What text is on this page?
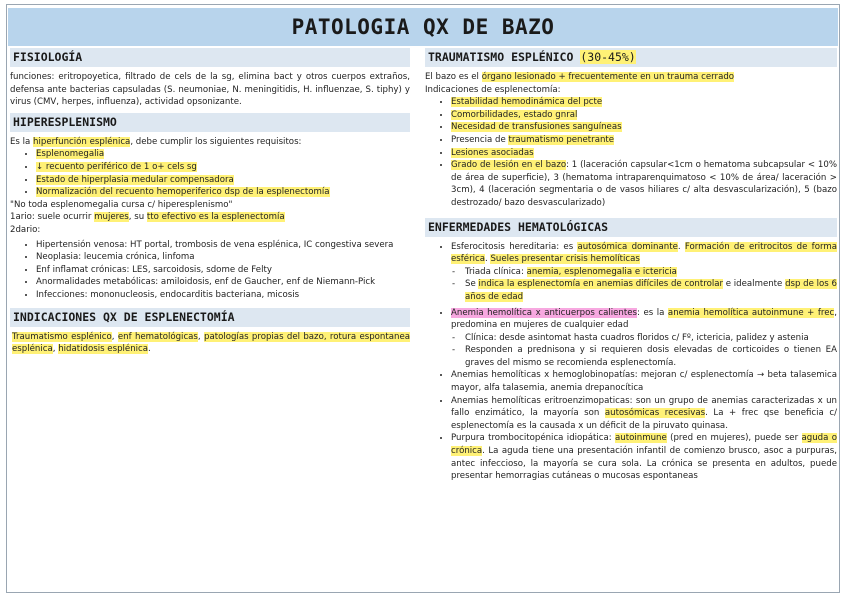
PATOLOGIA QX DE BAZO
FISIOLOGÍA

funciones: eritropoyetica, filtrado de cels de la sg, elimina bact y otros cuerpos extraños, defensa ante bacterias capsuladas (S. neumoniae, N. meningitidis, H. influenzae, S. tiphy) y virus (CMV, herpes, influenza), actividad opsonizante.

HIPERESPLENISMO
Es la hiperfunción esplénica, debe cumplir los siguientes requisitos:
• Esplenomegalia
• ↓ recuento periférico de 1 o+ cels sg
• Estado de hiperplasia medular compensadora
• Normalización del recuento hemoperiferico dsp de la esplenectomía
"No toda esplenomegalia cursa c/ hiperesplenismo"
1ario: suele ocurrir mujeres, su tto efectivo es la esplenectomía
2dario:
• Hipertensión venosa: HT portal, trombosis de vena esplénica, IC congestiva severa
• Neoplasia: leucemia crónica, linfoma
• Enf inflamat crónicas: LES, sarcoidosis, sdome de Felty
• Anormalidades metabólicas: amiloidosis, enf de Gaucher, enf de Niemann-Pick
• Infecciones: mononucleosis, endocarditis bacteriana, micosis
INDICACIONES QX DE ESPLENECTOMÍA

Traumatismo esplénico, enf hematológicas, patologías propias del bazo, rotura espontanea esplénica, hidatidosis esplénica.

TRAUMATISMO ESPLÉNICO (30-45%)
El bazo es el órgano lesionado + frecuentemente en un trauma cerrado
Indicaciones de esplenectomía:
• Estabilidad hemodinámica del pcte
• Comorbilidades, estado gnral
• Necesidad de transfusiones sanguíneas
• Presencia de traumatismo penetrante
• Lesiones asociadas
• Grado de lesión en el bazo: 1 (laceración capsular<1cm o hematoma subcapsular < 10% de área de superficie), 3 (hematoma intraparenquimatoso < 10% de área/ laceración > 3cm), 4 (laceración segmentaria o de vasos hiliares c/ alta desvascularización), 5 (bazo destrozado/ bazo desvascularizado)
ENFERMEDADES HEMATOLÓGICAS
• Esferocitosis hereditaria: es autosómica dominante. Formación de eritrocitos de forma esférica. Sueles presentar crisis hemolíticas
- Triada clínica: anemia, esplenomegalia e ictericia
- Se indica la esplenectomía en anemias difíciles de controlar e idealmente dsp de los 6 años de edad
• Anemia hemolítica x anticuerpos calientes: es la anemia hemolítica autoinmune + frec, predomina en mujeres de cualquier edad
- Clínica: desde asintomat hasta cuadros floridos c/ Fº, ictericia, palidez y astenia
- Responden a prednisona y si requieren dosis elevadas de corticoides o tienen EA graves del mismo se recomienda esplenectomía.
• Anemias hemolíticas x hemoglobinopatías: mejoran c/ esplenectomía → beta talasemica mayor, alfa talasemia, anemia drepanocítica
• Anemias hemolíticas eritroenzimopaticas: son un grupo de anemias caracterizadas x un fallo enzimático, la mayoría son autosómicas recesivas. La + frec qse beneficia c/ esplenectomía es la causada x un déficit de la piruvato quinasa.
• Purpura trombocitopénica idiopática: autoinmune (pred en mujeres), puede ser aguda o crónica. La aguda tiene una presentación infantil de comienzo brusco, asoc a purpuras, antec infeccioso, la mayoría se cura sola. La crónica se presenta en adultos, puede presentar hemorragias cutáneas o mucosas espontaneas
